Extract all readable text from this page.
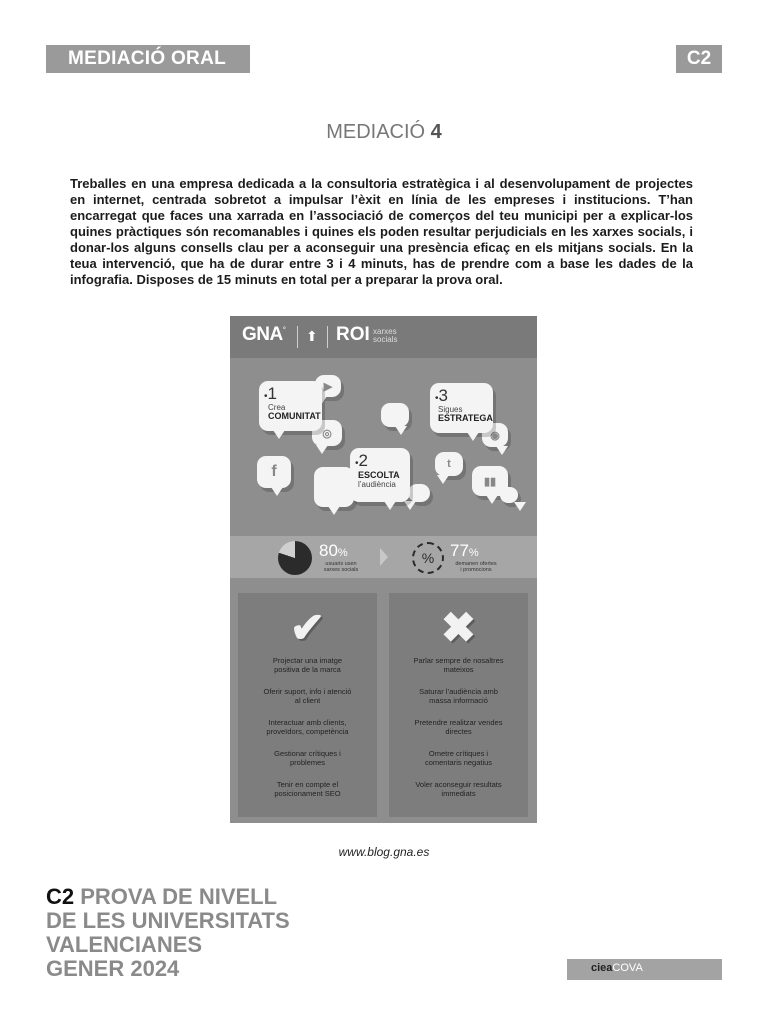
MEDIACIÓ ORAL	C2
MEDIACIÓ 4

Treballes en una empresa dedicada a la consultoria estratègica i al desenvolupament de projectes en internet, centrada sobretot a impulsar l’èxit en línia de les empreses i institucions. T’han encarregat que faces una xarrada en l’associació de comerços del teu municipi per a explicar-los quines pràctiques són recomanables i quines els poden resultar perjudicials en les xarxes socials, i donar-los alguns consells clau per a aconseguir una presència eficaç en els mitjans socials. En la teua intervenció, que ha de durar entre 3 i 4 minuts, has de prendre com a base les dades de la infografia. Disposes de 15 minuts en total per a preparar la prova oral.

GNA° ⬆ ROI xarxes
socials
▶
◎
f
◉
t
▮▮
•1
Crea
COMUNITAT
•3
Sigues
ESTRATEGA
•2
ESCOLTA
l’audiència
80%
usuaris usen
xarxes socials
% 77%
demanen ofertes
i promocions
✔
Projectar una imatge
positiva de la marca
Oferir suport, info i atenció
al client
Interactuar amb clients,
proveïdors, competència
Gestionar crítiques i
problemes
Tenir en compte el
posicionament SEO
✖
Parlar sempre de nosaltres
mateixos
Saturar l’audiència amb
massa informació
Pretendre realitzar vendes
directes
Ometre crítiques i
comentaris negatius
Voler aconseguir resultats
immediats
www.blog.gna.es
C2 PROVA DE NIVELL
DE LES UNIVERSITATS
VALENCIANES
GENER 2024	cieaCOVA
